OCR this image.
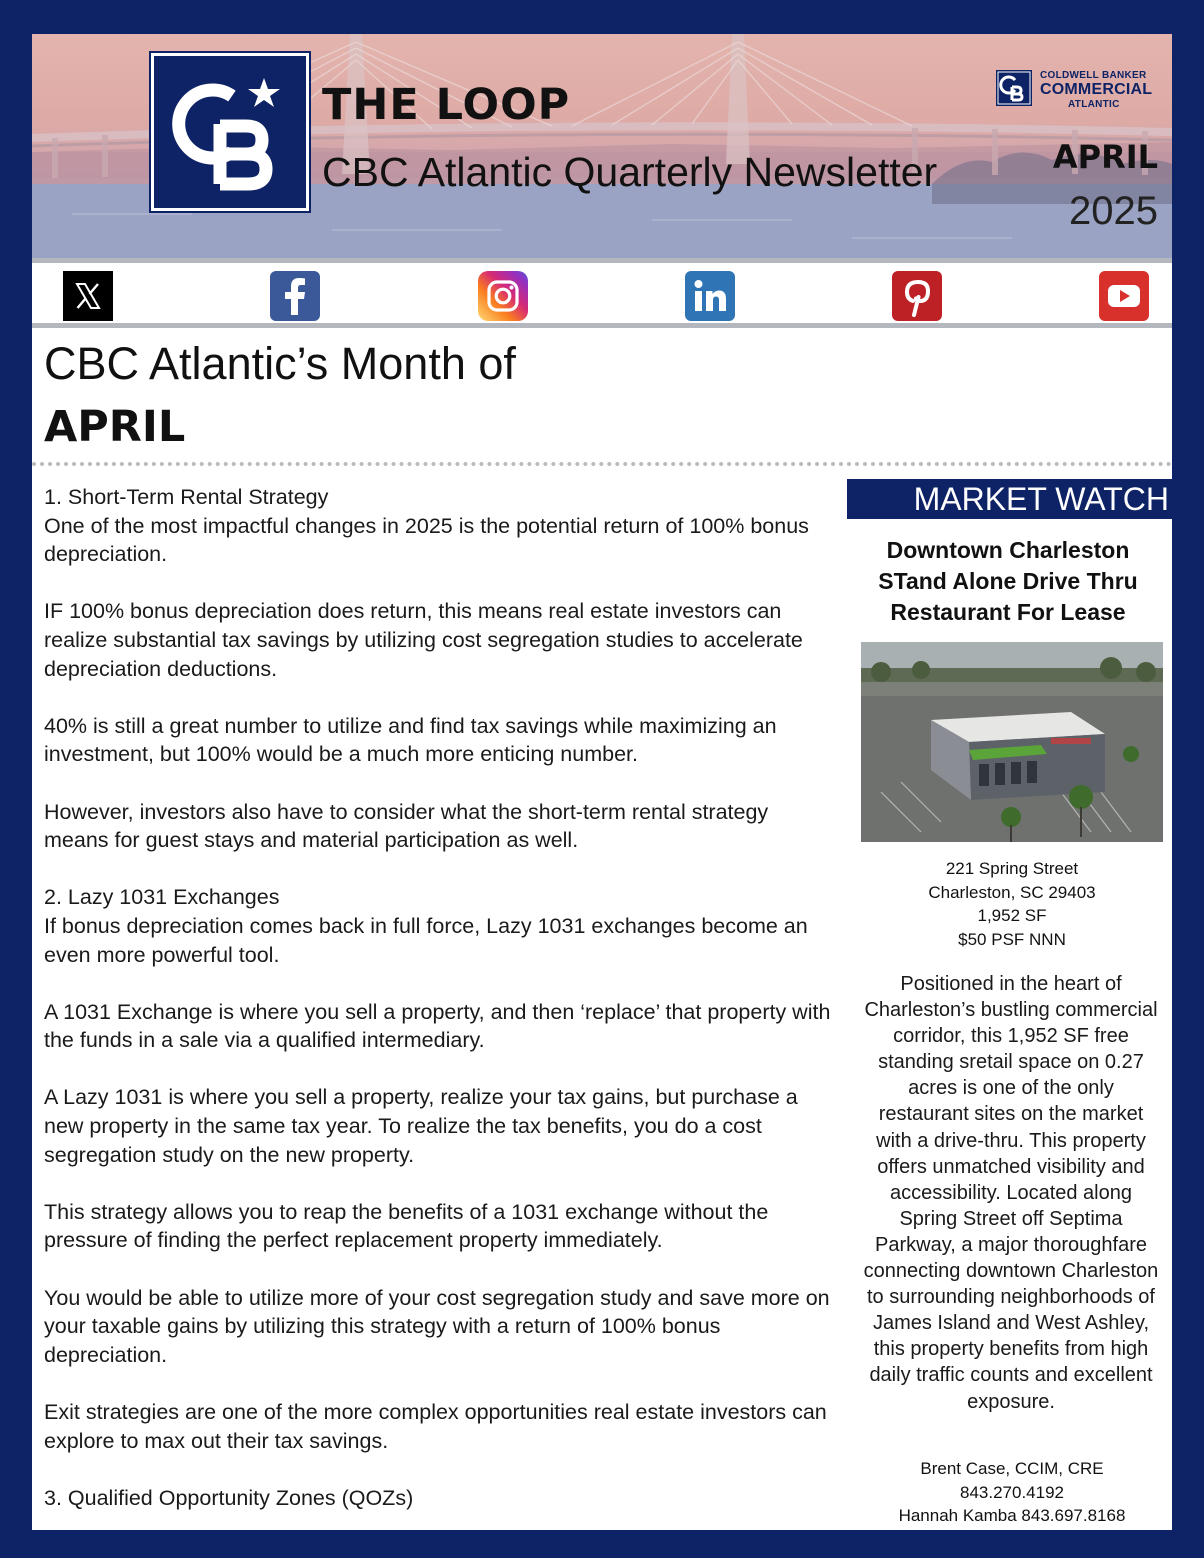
THE LOOP
CBC Atlantic Quarterly Newsletter
COLDWELL BANKER
COMMERCIAL
ATLANTIC
APRIL
2025
CBC Atlantic’s Month of
APRIL

1. Short-Term Rental Strategy

One of the most impactful changes in 2025 is the potential return of 100% bonus depreciation.

IF 100% bonus depreciation does return, this means real estate investors can realize substantial tax savings by utilizing cost segregation studies to accelerate depreciation deductions.

40% is still a great number to utilize and find tax savings while maximizing an investment, but 100% would be a much more enticing number.

However, investors also have to consider what the short-term rental strategy means for guest stays and material participation as well.

2. Lazy 1031 Exchanges

If bonus depreciation comes back in full force, Lazy 1031 exchanges become an even more powerful tool.

A 1031 Exchange is where you sell a property, and then ‘replace’ that property with the funds in a sale via a qualified intermediary.

A Lazy 1031 is where you sell a property, realize your tax gains, but purchase a new property in the same tax year. To realize the tax benefits, you do a cost segregation study on the new property.

This strategy allows you to reap the benefits of a 1031 exchange without the pressure of finding the perfect replacement property immediately.

You would be able to utilize more of your cost segregation study and save more on your taxable gains by utilizing this strategy with a return of 100% bonus depreciation.

Exit strategies are one of the more complex opportunities real estate investors can explore to max out their tax savings.

3. Qualified Opportunity Zones (QOZs)

MARKET WATCH
Downtown Charleston STand Alone Drive Thru Restaurant For Lease
221 Spring Street
Charleston, SC 29403
1,952 SF
$50 PSF NNN
Positioned in the heart of Charleston’s bustling commercial corridor, this 1,952 SF free standing sretail space on 0.27 acres is one of the only restaurant sites on the market with a drive-thru. This property offers unmatched visibility and accessibility. Located along Spring Street off Septima Parkway, a major thoroughfare connecting downtown Charleston to surrounding neighborhoods of James Island and West Ashley, this property benefits from high daily traffic counts and excellent exposure.
Brent Case, CCIM, CRE
843.270.4192
Hannah Kamba 843.697.8168
